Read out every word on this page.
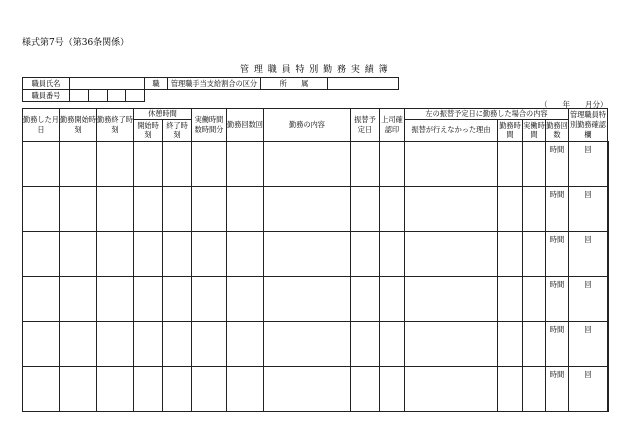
様式第7号（第36条関係）
管 理 職 員 特 別 勤 務 実 績 簿
職員氏名		職	管理職手当支給割合の区分	所　　属	
職員番号	

（　　年　　月分）
勤務した月日	勤務開始時刻	勤務終了時刻	休憩時間		実働時間数時間分	勤務回数回	勤務の内容	振替予定日	上司確認印	左の振替予定日に勤務した場合の内容				管理職員特別勤務確認欄	
			開始時刻	終了時刻						振替が行えなかった理由	勤務時間	実働時間	勤務回数		
													時間	回	
													時間	回	
													時間	回	
													時間	回	
													時間	回	
													時間	回	
